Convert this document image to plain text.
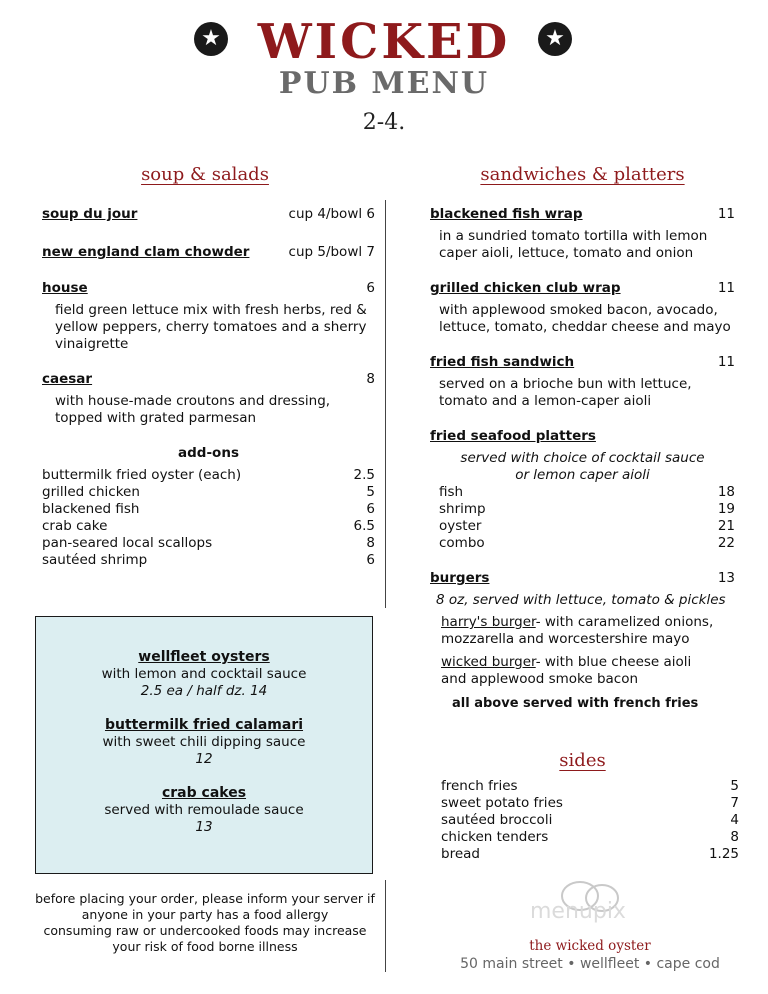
★	★
WICKED
PUB MENU
2-4.
soup & salads	sandwiches & platters
soup du jour	cup 4/bowl 6
new england clam chowder	cup 5/bowl 7
house	6
field green lettuce mix with fresh herbs, red & yellow peppers, cherry tomatoes and a sherry vinaigrette
caesar	8
with house-made croutons and dressing, topped with grated parmesan
add-ons
buttermilk fried oyster (each)	2.5
grilled chicken	5
blackened fish	6
crab cake	6.5
pan-seared local scallops	8
sautéed shrimp	6
wellfleet oysters
with lemon and cocktail sauce
2.5 ea / half dz. 14
buttermilk fried calamari
with sweet chili dipping sauce
12
crab cakes
served with remoulade sauce
13
before placing your order, please inform your server if
anyone in your party has a food allergy
consuming raw or undercooked foods may increase
your risk of food borne illness
blackened fish wrap	11
in a sundried tomato tortilla with lemon caper aioli, lettuce, tomato and onion
grilled chicken club wrap	11
with applewood smoked bacon, avocado, lettuce, tomato, cheddar cheese and mayo
fried fish sandwich	11
served on a brioche bun with lettuce, tomato and a lemon-caper aioli
fried seafood platters
served with choice of cocktail sauce
or lemon caper aioli
fish	18
shrimp	19
oyster	21
combo	22
burgers	13
8 oz, served with lettuce, tomato & pickles
harry's burger- with caramelized onions,
mozzarella and worcestershire mayo
wicked burger- with blue cheese aioli
and applewood smoke bacon
all above served with french fries
sides
french fries	5
sweet potato fries	7
sautéed broccoli	4
chicken tenders	8
bread	1.25
menupix
the wicked oyster
50 main street • wellfleet • cape cod
